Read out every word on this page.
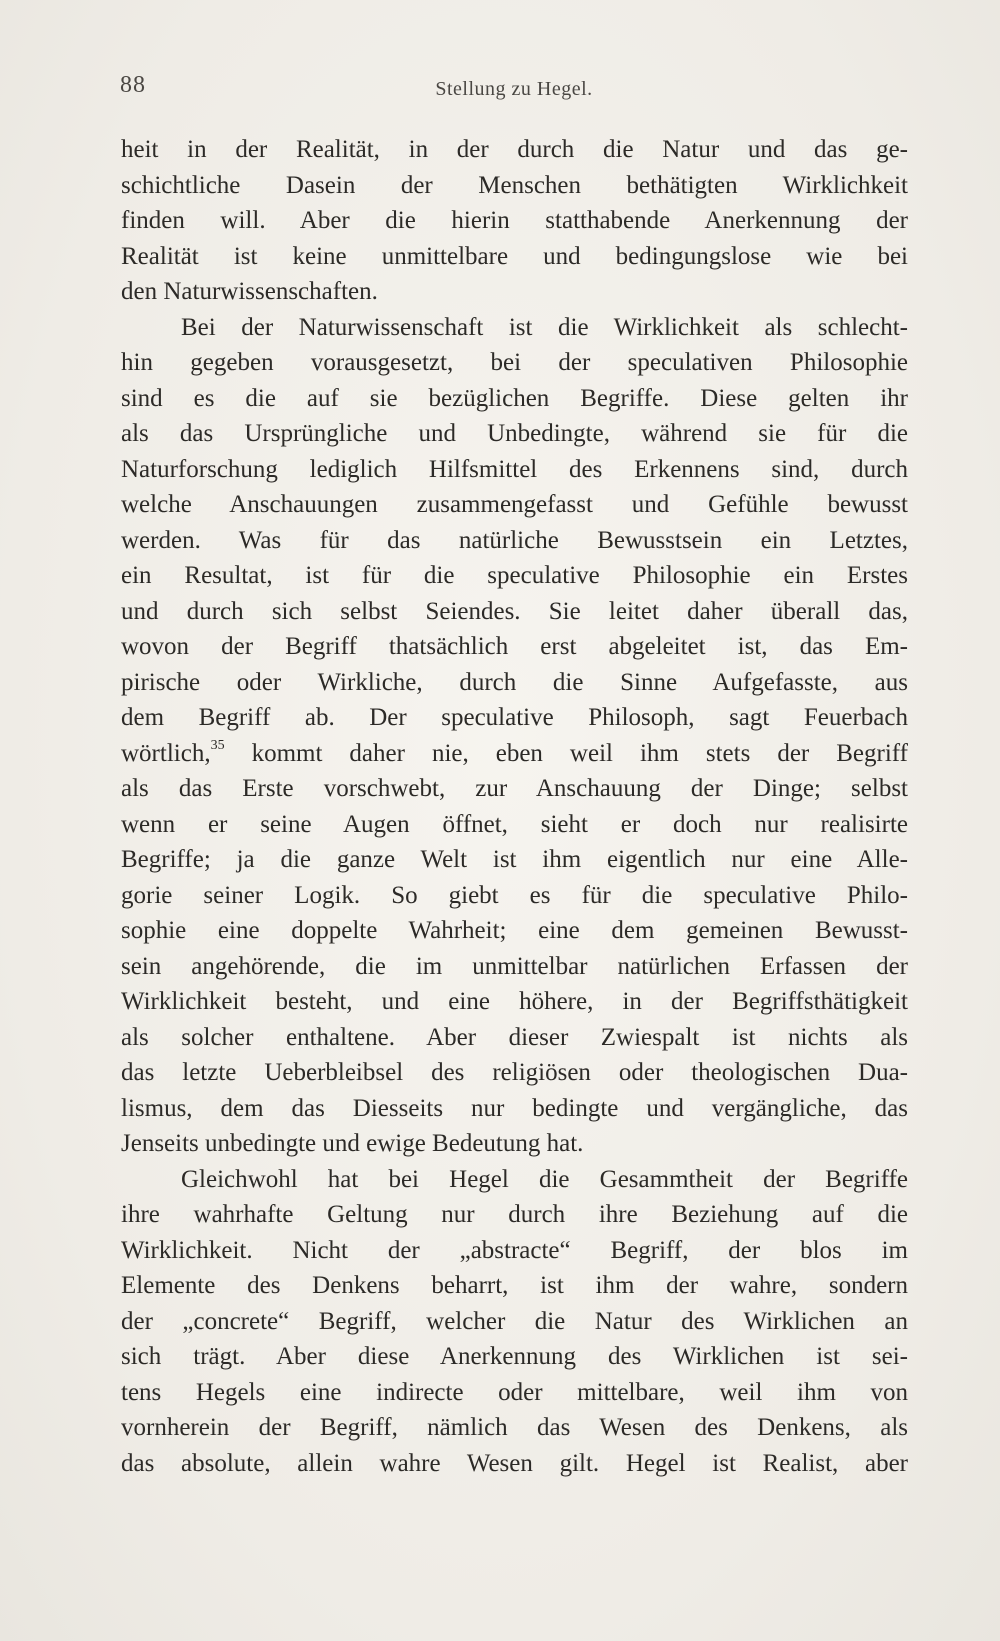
88	Stellung zu Hegel.
heit in der Realität, in der durch die Natur und das ge-
schichtliche Dasein der Menschen bethätigten Wirklichkeit
finden will. Aber die hierin statthabende Anerkennung der
Realität ist keine unmittelbare und bedingungslose wie bei
den Naturwissenschaften.
Bei der Naturwissenschaft ist die Wirklichkeit als schlecht-
hin gegeben vorausgesetzt, bei der speculativen Philosophie
sind es die auf sie bezüglichen Begriffe. Diese gelten ihr
als das Ursprüngliche und Unbedingte, während sie für die
Naturforschung lediglich Hilfsmittel des Erkennens sind, durch
welche Anschauungen zusammengefasst und Gefühle bewusst
werden. Was für das natürliche Bewusstsein ein Letztes,
ein Resultat, ist für die speculative Philosophie ein Erstes
und durch sich selbst Seiendes. Sie leitet daher überall das,
wovon der Begriff thatsächlich erst abgeleitet ist, das Em-
pirische oder Wirkliche, durch die Sinne Aufgefasste, aus
dem Begriff ab. Der speculative Philosoph, sagt Feuerbach
wörtlich,$^{35}$ kommt daher nie, eben weil ihm stets der Begriff
als das Erste vorschwebt, zur Anschauung der Dinge; selbst
wenn er seine Augen öffnet, sieht er doch nur realisirte
Begriffe; ja die ganze Welt ist ihm eigentlich nur eine Alle-
gorie seiner Logik. So giebt es für die speculative Philo-
sophie eine doppelte Wahrheit; eine dem gemeinen Bewusst-
sein angehörende, die im unmittelbar natürlichen Erfassen der
Wirklichkeit besteht, und eine höhere, in der Begriffsthätigkeit
als solcher enthaltene. Aber dieser Zwiespalt ist nichts als
das letzte Ueberbleibsel des religiösen oder theologischen Dua-
lismus, dem das Diesseits nur bedingte und vergängliche, das
Jenseits unbedingte und ewige Bedeutung hat.
Gleichwohl hat bei Hegel die Gesammtheit der Begriffe
ihre wahrhafte Geltung nur durch ihre Beziehung auf die
Wirklichkeit. Nicht der „abstracte“ Begriff, der blos im
Elemente des Denkens beharrt, ist ihm der wahre, sondern
der „concrete“ Begriff, welcher die Natur des Wirklichen an
sich trägt. Aber diese Anerkennung des Wirklichen ist sei-
tens Hegels eine indirecte oder mittelbare, weil ihm von
vornherein der Begriff, nämlich das Wesen des Denkens, als
das absolute, allein wahre Wesen gilt. Hegel ist Realist, aber
